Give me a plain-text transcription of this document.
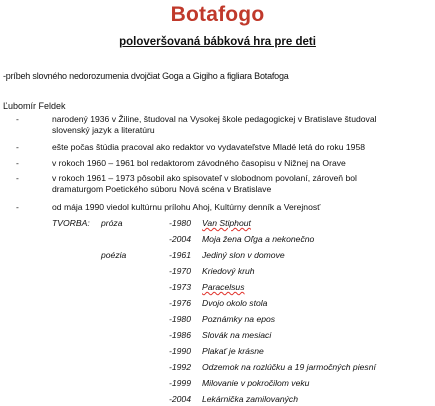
Botafogo
poloveršovaná bábková hra pre deti
-príbeh slovného nedorozumenia dvojčiat Goga a Gigiho a figliara Botafoga
Ľubomír Feldek
-	narodený 1936 v Žiline, študoval na Vysokej škole pedagogickej v Bratislave študoval
slovenský jazyk a literatúru
-	ešte počas štúdia pracoval ako redaktor vo vydavateľstve Mladé letá do roku 1958
-	v rokoch 1960 – 1961 bol redaktorom závodného časopisu v Nižnej na Orave
-	v rokoch 1961 – 1973 pôsobil ako spisovateľ v slobodnom povolaní, zároveň bol
dramaturgom Poetického súboru Nová scéna v Bratislave
-	od mája 1990 viedol kultúrnu prílohu Ahoj, Kultúrny denník a Verejnosť
TVORBA: próza	-1980 Van Stiphout
-2004 Moja žena Oľga a nekonečno
poézia	-1961 Jediný slon v domove
-1970 Kriedový kruh
-1973 Paracelsus
-1976 Dvojo okolo stola
-1980 Poznámky na epos
-1986 Slovák na mesiaci
-1990 Plakať je krásne
-1992 Odzemok na rozlúčku a 19 jarmočných piesní
-1999 Milovanie v pokročilom veku
-2004 Lekárnička zamilovaných
